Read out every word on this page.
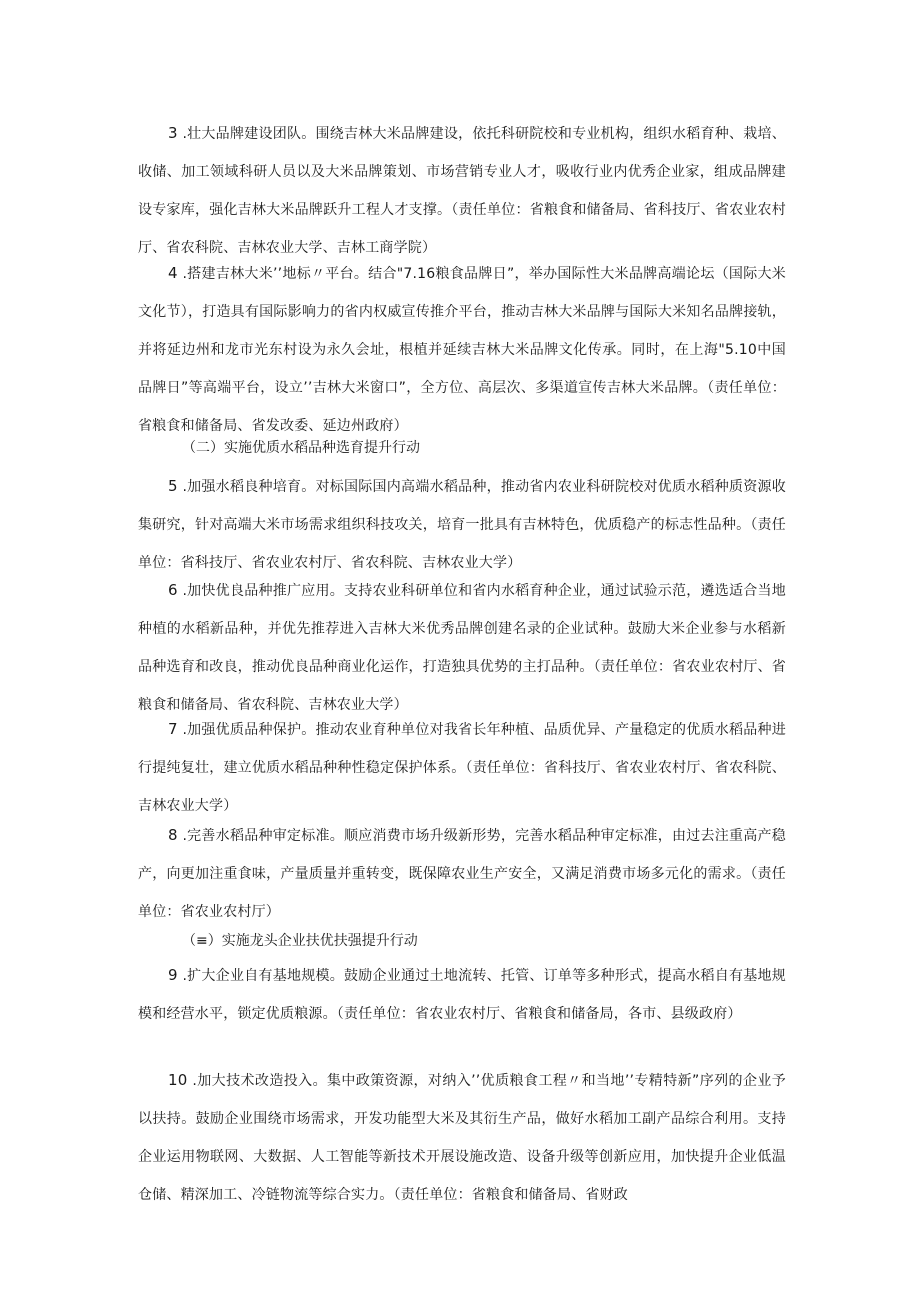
3 .壮大品牌建设团队。围绕吉林大米品牌建设，依托科研院校和专业机构，组织水稻育种、栽培、收储、加工领域科研人员以及大米品牌策划、市场营销专业人才，吸收行业内优秀企业家，组成品牌建设专家库，强化吉林大米品牌跃升工程人才支撑。（责任单位：省粮食和储备局、省科技厅、省农业农村厅、省农科院、吉林农业大学、吉林工商学院）

4 .搭建吉林大米’’地标〃平台。结合"7.16粮食品牌日”，举办国际性大米品牌高端论坛（国际大米文化节），打造具有国际影响力的省内权威宣传推介平台，推动吉林大米品牌与国际大米知名品牌接轨，并将延边州和龙市光东村设为永久会址，根植并延续吉林大米品牌文化传承。同时，在上海"5.10中国品牌日”等高端平台，设立’’吉林大米窗口”，全方位、高层次、多渠道宣传吉林大米品牌。（责任单位：省粮食和储备局、省发改委、延边州政府）

（二）实施优质水稻品种选育提升行动

5 .加强水稻良种培育。对标国际国内高端水稻品种，推动省内农业科研院校对优质水稻种质资源收集研究，针对高端大米市场需求组织科技攻关，培育一批具有吉林特色，优质稳产的标志性品种。（责任单位：省科技厅、省农业农村厅、省农科院、吉林农业大学）

6 .加快优良品种推广应用。支持农业科研单位和省内水稻育种企业，通过试验示范，遴选适合当地种植的水稻新品种，并优先推荐进入吉林大米优秀品牌创建名录的企业试种。鼓励大米企业参与水稻新品种选育和改良，推动优良品种商业化运作，打造独具优势的主打品种。（责任单位：省农业农村厅、省粮食和储备局、省农科院、吉林农业大学）

7 .加强优质品种保护。推动农业育种单位对我省长年种植、品质优异、产量稳定的优质水稻品种进行提纯复壮，建立优质水稻品种种性稳定保护体系。（责任单位：省科技厅、省农业农村厅、省农科院、吉林农业大学）

8 .完善水稻品种审定标准。顺应消费市场升级新形势，完善水稻品种审定标准，由过去注重高产稳产，向更加注重食味，产量质量并重转变，既保障农业生产安全，又满足消费市场多元化的需求。（责任单位：省农业农村厅）

（≡）实施龙头企业扶优扶强提升行动

9 .扩大企业自有基地规模。鼓励企业通过土地流转、托管、订单等多种形式，提高水稻自有基地规模和经营水平，锁定优质粮源。（责任单位：省农业农村厅、省粮食和储备局，各市、县级政府）

10 .加大技术改造投入。集中政策资源，对纳入’’优质粮食工程〃和当地’’专精特新”序列的企业予以扶持。鼓励企业围绕市场需求，开发功能型大米及其衍生产品，做好水稻加工副产品综合利用。支持企业运用物联网、大数据、人工智能等新技术开展设施改造、设备升级等创新应用，加快提升企业低温仓储、精深加工、冷链物流等综合实力。（责任单位：省粮食和储备局、省财政
